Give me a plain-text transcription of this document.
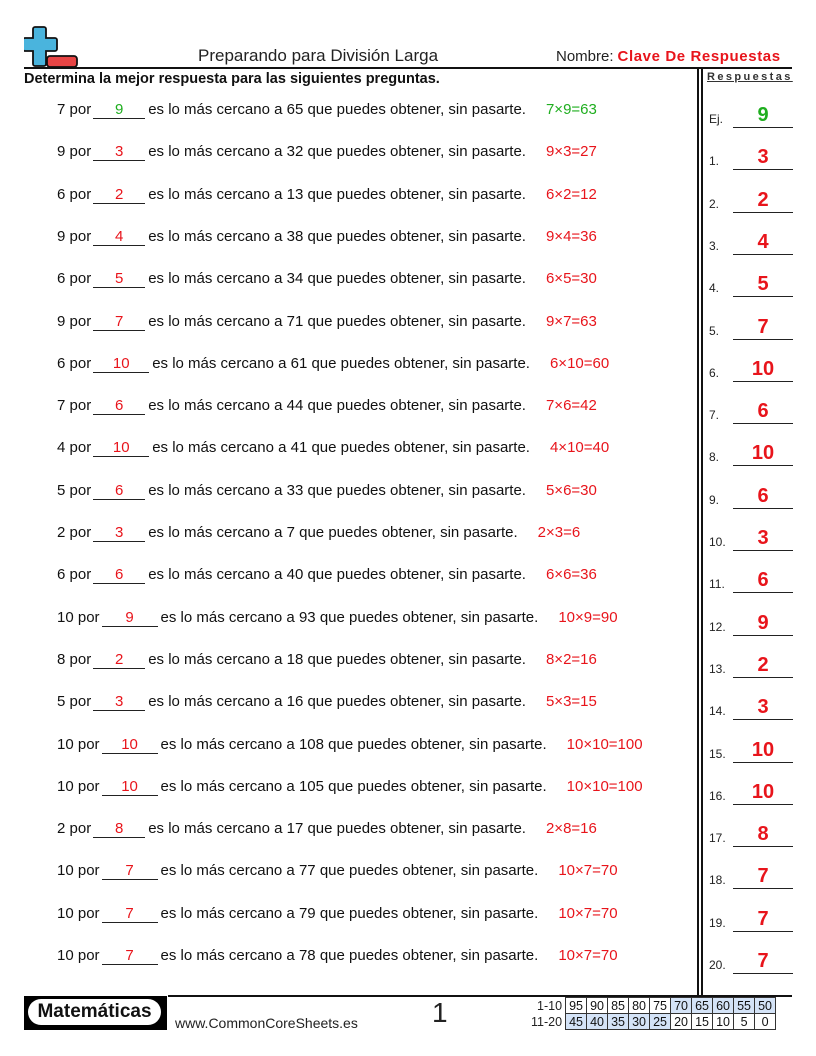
Preparando para División Larga	Nombre: Clave De Respuestas
Determina la mejor respuesta para las siguientes preguntas.	Respuestas
7 por 9 es lo más cercano a 65 que puedes obtener, sin pasarte. 7×9=63
9 por 3 es lo más cercano a 32 que puedes obtener, sin pasarte. 9×3=27
6 por 2 es lo más cercano a 13 que puedes obtener, sin pasarte. 6×2=12
9 por 4 es lo más cercano a 38 que puedes obtener, sin pasarte. 9×4=36
6 por 5 es lo más cercano a 34 que puedes obtener, sin pasarte. 6×5=30
9 por 7 es lo más cercano a 71 que puedes obtener, sin pasarte. 9×7=63
6 por 10 es lo más cercano a 61 que puedes obtener, sin pasarte. 6×10=60
7 por 6 es lo más cercano a 44 que puedes obtener, sin pasarte. 7×6=42
4 por 10 es lo más cercano a 41 que puedes obtener, sin pasarte. 4×10=40
5 por 6 es lo más cercano a 33 que puedes obtener, sin pasarte. 5×6=30
2 por 3 es lo más cercano a 7 que puedes obtener, sin pasarte. 2×3=6
6 por 6 es lo más cercano a 40 que puedes obtener, sin pasarte. 6×6=36
10 por 9 es lo más cercano a 93 que puedes obtener, sin pasarte. 10×9=90
8 por 2 es lo más cercano a 18 que puedes obtener, sin pasarte. 8×2=16
5 por 3 es lo más cercano a 16 que puedes obtener, sin pasarte. 5×3=15
10 por 10 es lo más cercano a 108 que puedes obtener, sin pasarte. 10×10=100
10 por 10 es lo más cercano a 105 que puedes obtener, sin pasarte. 10×10=100
2 por 8 es lo más cercano a 17 que puedes obtener, sin pasarte. 2×8=16
10 por 7 es lo más cercano a 77 que puedes obtener, sin pasarte. 10×7=70
10 por 7 es lo más cercano a 79 que puedes obtener, sin pasarte. 10×7=70
10 por 7 es lo más cercano a 78 que puedes obtener, sin pasarte. 10×7=70
Ej.	9
1.	3
2.	2
3.	4
4.	5
5.	7
6.	10
7.	6
8.	10
9.	6
10.	3
11.	6
12.	9
13.	2
14.	3
15.	10
16.	10
17.	8
18.	7
19.	7
20.	7
Matemáticas
www.CommonCoreSheets.es	1	1-10	95	90	85	80	75	70	65	60	55	50
11-20	45	40	35	30	25	20	15	10	5	0
